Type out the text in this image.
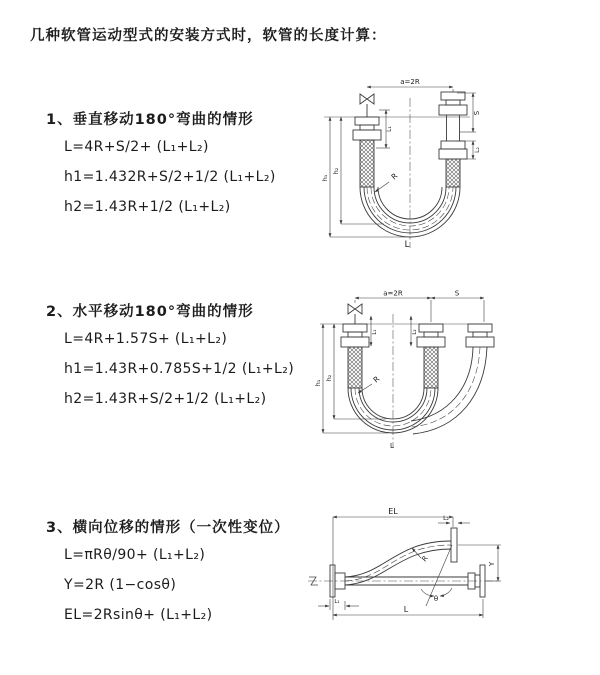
几种软管运动型式的安装方式时，软管的长度计算：
1、垂直移动180°弯曲的情形
L=4R+S/2+ (L₁+L₂)
h1=1.432R+S/2+1/2 (L₁+L₂)
h2=1.43R+1/2 (L₁+L₂)
2、水平移动180°弯曲的情形
L=4R+1.57S+ (L₁+L₂)
h1=1.43R+0.785S+1/2 (L₁+L₂)
h2=1.43R+S/2+1/2 (L₁+L₂)
3、横向位移的情形（一次性变位）
L=πRθ/90+ (L₁+L₂)
Y=2R (1−cosθ)
EL=2Rsinθ+ (L₁+L₂)
a=2R
S
L₂
L₁
h₁
h₂
R
L
a=2R	S
L₁	L₂
h₁
h₂	R
L
EL
L₂
Y
L₁
L
R
θ
